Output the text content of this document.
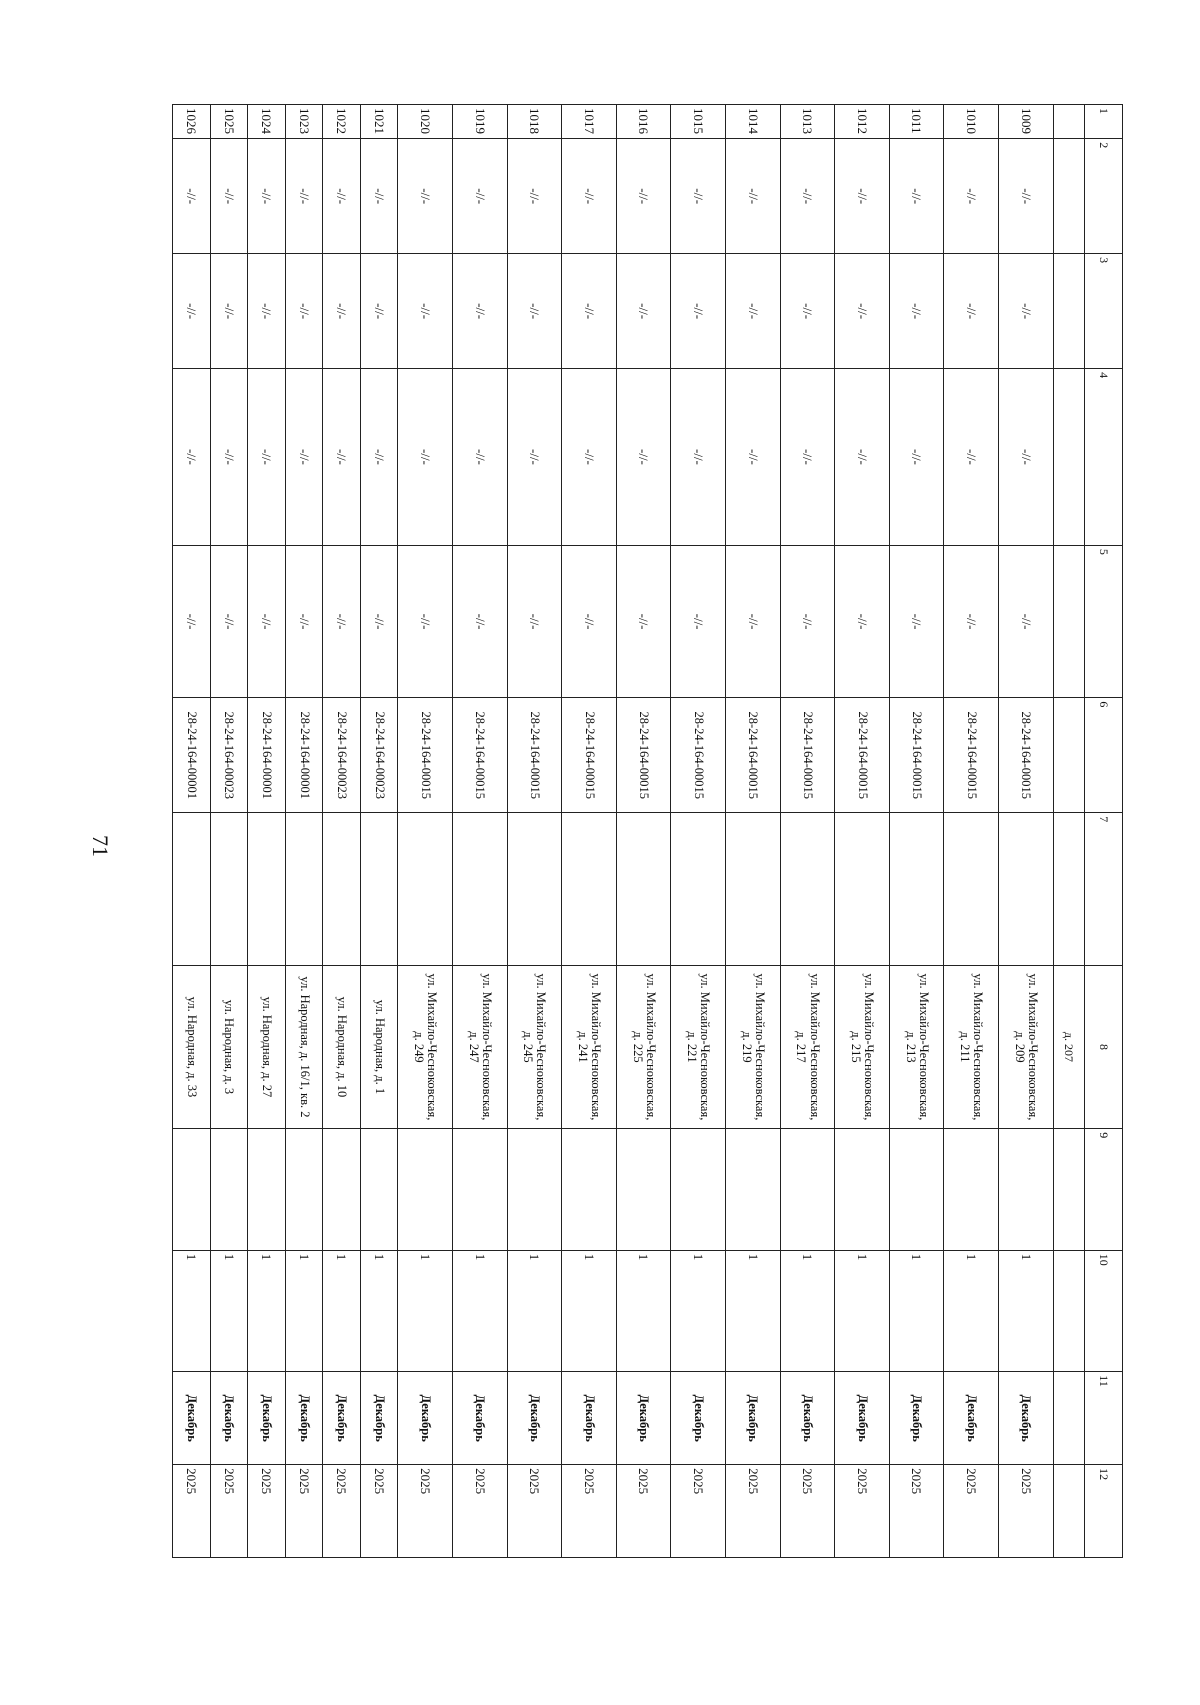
71
1	2	3	4	5	6	7	8	9	10	11	12
							д. 207				
1009	-//-	-//-	-//-	-//-	28-24-164-00015		ул. Михайло-Чесноковская, д. 209		1	Декабрь	2025
1010	-//-	-//-	-//-	-//-	28-24-164-00015		ул. Михайло-Чесноковская, д. 211		1	Декабрь	2025
1011	-//-	-//-	-//-	-//-	28-24-164-00015		ул. Михайло-Чесноковская, д. 213		1	Декабрь	2025
1012	-//-	-//-	-//-	-//-	28-24-164-00015		ул. Михайло-Чесноковская, д. 215		1	Декабрь	2025
1013	-//-	-//-	-//-	-//-	28-24-164-00015		ул. Михайло-Чесноковская, д. 217		1	Декабрь	2025
1014	-//-	-//-	-//-	-//-	28-24-164-00015		ул. Михайло-Чесноковская, д. 219		1	Декабрь	2025
1015	-//-	-//-	-//-	-//-	28-24-164-00015		ул. Михайло-Чесноковская, д. 221		1	Декабрь	2025
1016	-//-	-//-	-//-	-//-	28-24-164-00015		ул. Михайло-Чесноковская, д. 225		1	Декабрь	2025
1017	-//-	-//-	-//-	-//-	28-24-164-00015		ул. Михайло-Чесноковская, д. 241		1	Декабрь	2025
1018	-//-	-//-	-//-	-//-	28-24-164-00015		ул. Михайло-Чесноковская, д. 245		1	Декабрь	2025
1019	-//-	-//-	-//-	-//-	28-24-164-00015		ул. Михайло-Чесноковская, д. 247		1	Декабрь	2025
1020	-//-	-//-	-//-	-//-	28-24-164-00015		ул. Михайло-Чесноковская, д. 249		1	Декабрь	2025
1021	-//-	-//-	-//-	-//-	28-24-164-00023		ул. Народная, д. 1		1	Декабрь	2025
1022	-//-	-//-	-//-	-//-	28-24-164-00023		ул. Народная, д. 10		1	Декабрь	2025
1023	-//-	-//-	-//-	-//-	28-24-164-00001		ул. Народная, д. 16/1, кв. 2		1	Декабрь	2025
1024	-//-	-//-	-//-	-//-	28-24-164-00001		ул. Народная, д. 27		1	Декабрь	2025
1025	-//-	-//-	-//-	-//-	28-24-164-00023		ул. Народная, д. 3		1	Декабрь	2025
1026	-//-	-//-	-//-	-//-	28-24-164-00001		ул. Народная, д. 33		1	Декабрь	2025
